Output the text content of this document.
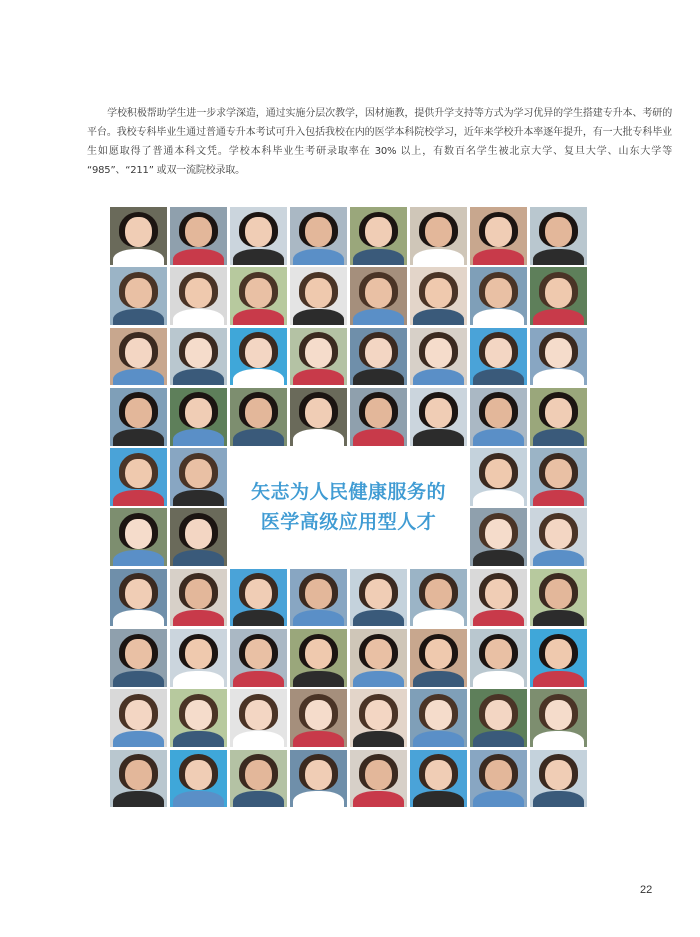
学校积极帮助学生进一步求学深造，通过实施分层次教学，因材施教，提供升学支持等方式为学习优异的学生搭建专升本、考研的平台。我校专科毕业生通过普通专升本考试可升入包括我校在内的医学本科院校学习，近年来学校升本率逐年提升，有一大批专科毕业生如愿取得了普通本科文凭。学校本科毕业生考研录取率在 30% 以上，有数百名学生被北京大学、复旦大学、山东大学等 “985”、“211” 或双一流院校录取。
矢志为人民健康服务的
医学高级应用型人才
22
